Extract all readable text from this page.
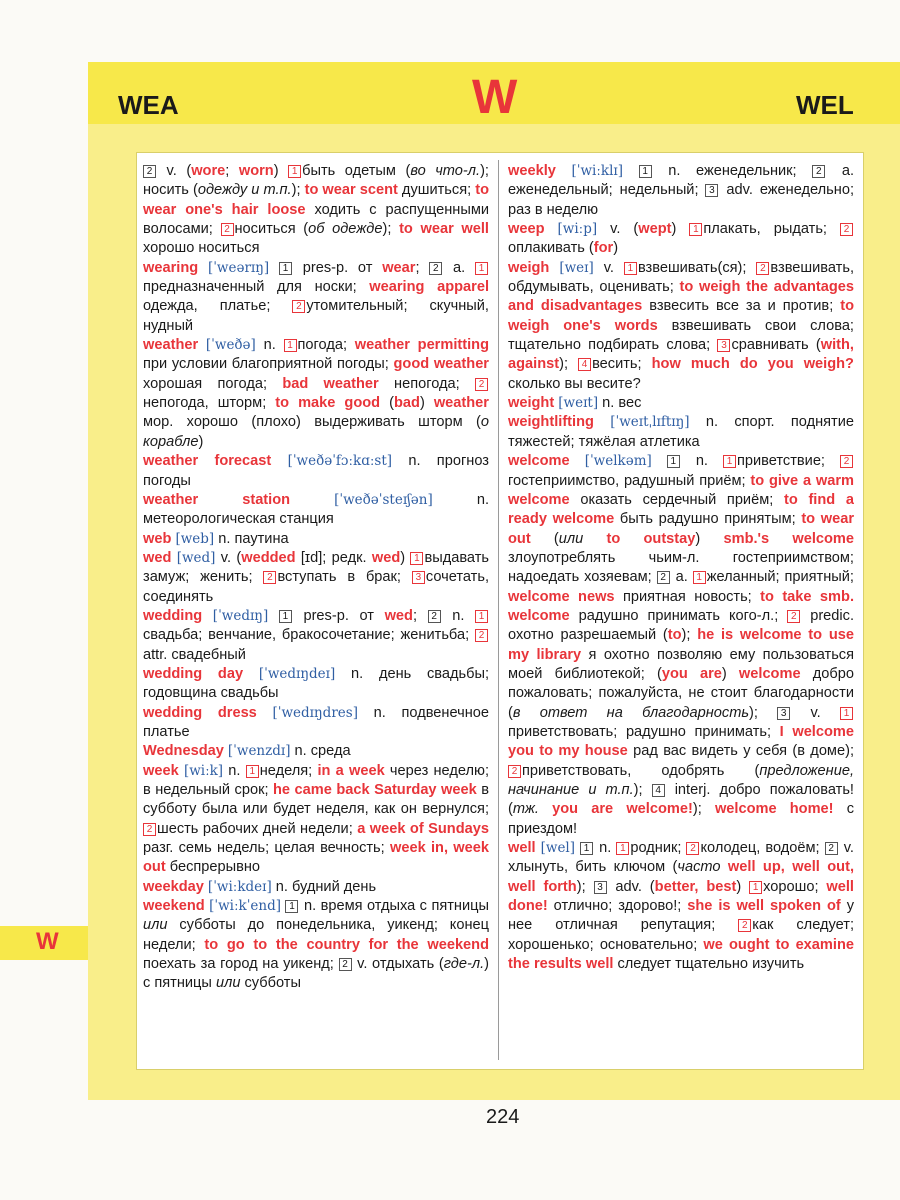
WEA	W	WEL

2 v. (wore; worn) 1 быть одетым (во что-л.); носить (одежду и т.п.); to wear scent душиться; to wear one's hair loose ходить с распущенными волосами; 2 носиться (об одежде); to wear well хорошо носиться

wearing [ˈweərɪŋ] 1 pres-p. от wear; 2 a. 1предназначенный для носки; wearing apparel одежда, платье; 2 утомительный; скучный, нудный

weather [ˈweðə] n. 1 погода; weather permitting при условии благоприятной погоды; good weather хорошая погода; bad weather непогода; 2непогода, шторм; to make good (bad) weather мор. хорошо (плохо) выдерживать шторм (о корабле)

weather forecast [ˈweðəˈfɔːkɑːst] n. прогноз погоды

weather station	[ˈweðəˈsteɪʃən] n. метеорологическая станция

web [web] n. паутина

wed [wed] v. (wedded [ɪd]; редк. wed) 1 выдавать замуж; женить; 2 вступать в брак; 3 сочетать, соединять

wedding [ˈwedɪŋ] 1 pres-p. от wed; 2 n. 1свадьба; венчание, бракосочетание; женитьба; 2 attr. свадебный

wedding day [ˈwedɪŋdeɪ] n. день свадьбы; годовщина свадьбы

wedding dress [ˈwedɪŋdres] n. подвенечное платье

Wednesday [ˈwenzdɪ] n. среда

week [wiːk] n. 1 неделя; in a week через неделю; в недельный срок; he came back Saturday week в субботу была или будет неделя, как он вернулся; 2 шесть рабочих дней недели; a week of Sundays разг. семь недель; целая вечность; week in, week out беспрерывно

weekday [ˈwiːkdeɪ] n. будний день

weekend [ˈwiːkˈend] 1 n. время отдыха с пятницы или субботы до понедельника, уикенд; конец недели; to go to the country for the weekend поехать за город на уикенд; 2 v. отдыхать (где-л.) с пятницы или субботы

weekly [ˈwiːklɪ] 1 n. еженедельник; 2 a. еженедельный; недельный; 3 adv. еженедельно; раз в неделю

weep [wiːp] v. (wept) 1 плакать, рыдать; 2оплакивать (for)

weigh [weɪ] v. 1 взвешивать(ся); 2 взвешивать, обдумывать, оценивать; to weigh the advantages and disadvantages взвесить все за и против; to weigh one's words взвешивать свои слова; тщательно подбирать слова; 3 сравнивать (with, against); 4 весить; how much do you weigh? сколько вы весите?

weight [weɪt] n. вес

weightlifting [ˈweɪtˌlɪftɪŋ] n. спорт. поднятие тяжестей; тяжёлая атлетика

welcome [ˈwelkəm] 1 n. 1 приветствие; 2гостеприимство, радушный приём; to give a warm welcome оказать сердечный приём; to find a ready welcome быть радушно принятым; to wear out (или to outstay) smb.'s welcome злоупотреблять чьим-л. гостеприимством; надоедать хозяевам; 2 a. 1 желанный; приятный; welcome news приятная новость; to take smb. welcome радушно принимать кого-л.; 2 predic. охотно разрешаемый (to); he is welcome to use my library я охотно позволяю ему пользоваться моей библиотекой; (you are) welcome добро пожаловать; пожалуйста, не стоит благодарности (в ответ на благодарность); 3 v. 1приветствовать; радушно принимать; I welcome you to my house рад вас видеть у себя (в доме); 2 приветствовать, одобрять (предложение, начинание и т.п.); 4 interj. добро пожаловать! (тж. you are welcome!); welcome home! с приездом!

well [wel] 1 n. 1 родник; 2 колодец, водоём; 2 v. хлынуть, бить ключом (часто well up, well out, well forth); 3 adv. (better, best) 1 хорошо; well done! отлично; здорово!; she is well spoken of у нее отличная репутация; 2 как следует; хорошенько; основательно; we ought to examine the results well следует тщательно изучить

W
224
